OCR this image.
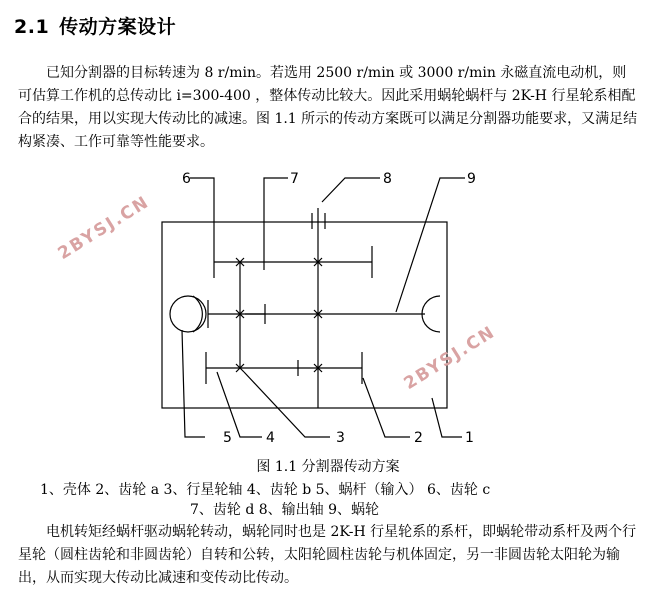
2.1 传动方案设计

已知分割器的目标转速为 8 r/min。若选用 2500 r/min 或 3000 r/min 永磁直流电动机，则可估算工作机的总传动比 i=300-400 ，整体传动比较大。因此采用蜗轮蜗杆与 2K-H 行星轮系相配合的结果，用以实现大传动比的减速。图 1.1 所示的传动方案既可以满足分割器功能要求，又满足结构紧凑、工作可靠等性能要求。

6	7	8	9
5 4	3	2	1
2BYSJ.CN
2BYSJ.CN
图 1.1 分割器传动方案
1、壳体 2、齿轮 a 3、行星轮轴 4、齿轮 b 5、蜗杆（输入） 6、齿轮 c
7、齿轮 d 8、输出轴 9、蜗轮

电机转矩经蜗杆驱动蜗轮转动，蜗轮同时也是 2K-H 行星轮系的系杆，即蜗轮带动系杆及两个行星轮（圆柱齿轮和非圆齿轮）自转和公转，太阳轮圆柱齿轮与机体固定，另一非圆齿轮太阳轮为输出，从而实现大传动比减速和变传动比传动。
